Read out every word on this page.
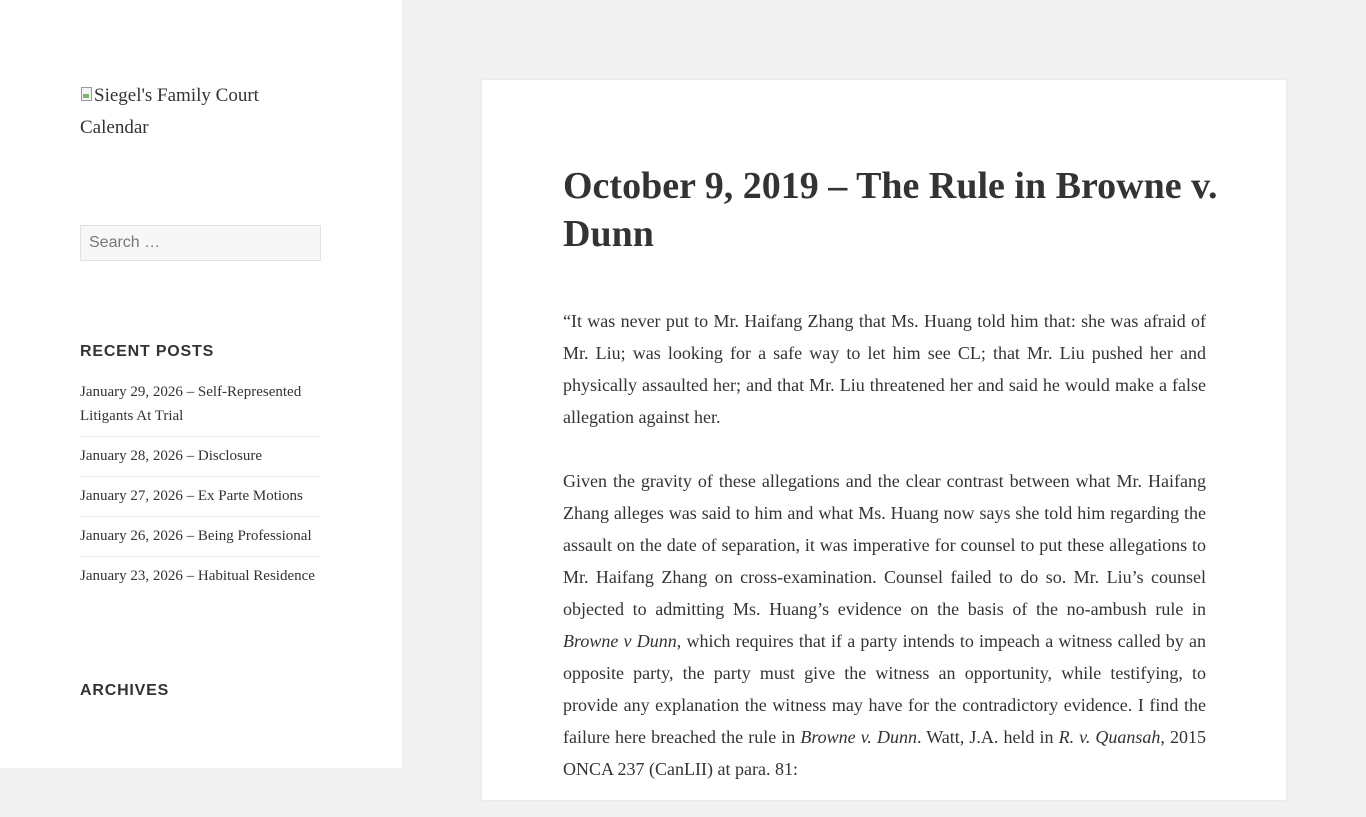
Siegel's Family Court Calendar
Search …
RECENT POSTS
January 29, 2026 – Self-Represented Litigants At Trial
January 28, 2026 – Disclosure
January 27, 2026 – Ex Parte Motions
January 26, 2026 – Being Professional
January 23, 2026 – Habitual Residence
ARCHIVES
October 9, 2019 – The Rule in Browne v. Dunn

“It was never put to Mr. Haifang Zhang that Ms. Huang told him that: she was afraid of Mr. Liu; was looking for a safe way to let him see CL; that Mr. Liu pushed her and physically assaulted her; and that Mr. Liu threatened her and said he would make a false allegation against her.

Given the gravity of these allegations and the clear contrast between what Mr. Haifang Zhang alleges was said to him and what Ms. Huang now says she told him regarding the assault on the date of separation, it was imperative for counsel to put these allegations to Mr. Haifang Zhang on cross-examination. Counsel failed to do so. Mr. Liu’s counsel objected to admitting Ms. Huang’s evidence on the basis of the no-ambush rule in Browne v Dunn, which requires that if a party intends to impeach a witness called by an opposite party, the party must give the witness an opportunity, while testifying, to provide any explanation the witness may have for the contradictory evidence. I find the failure here breached the rule in Browne v. Dunn. Watt, J.A. held in R. v. Quansah, 2015 ONCA 237 (CanLII) at para. 81:
